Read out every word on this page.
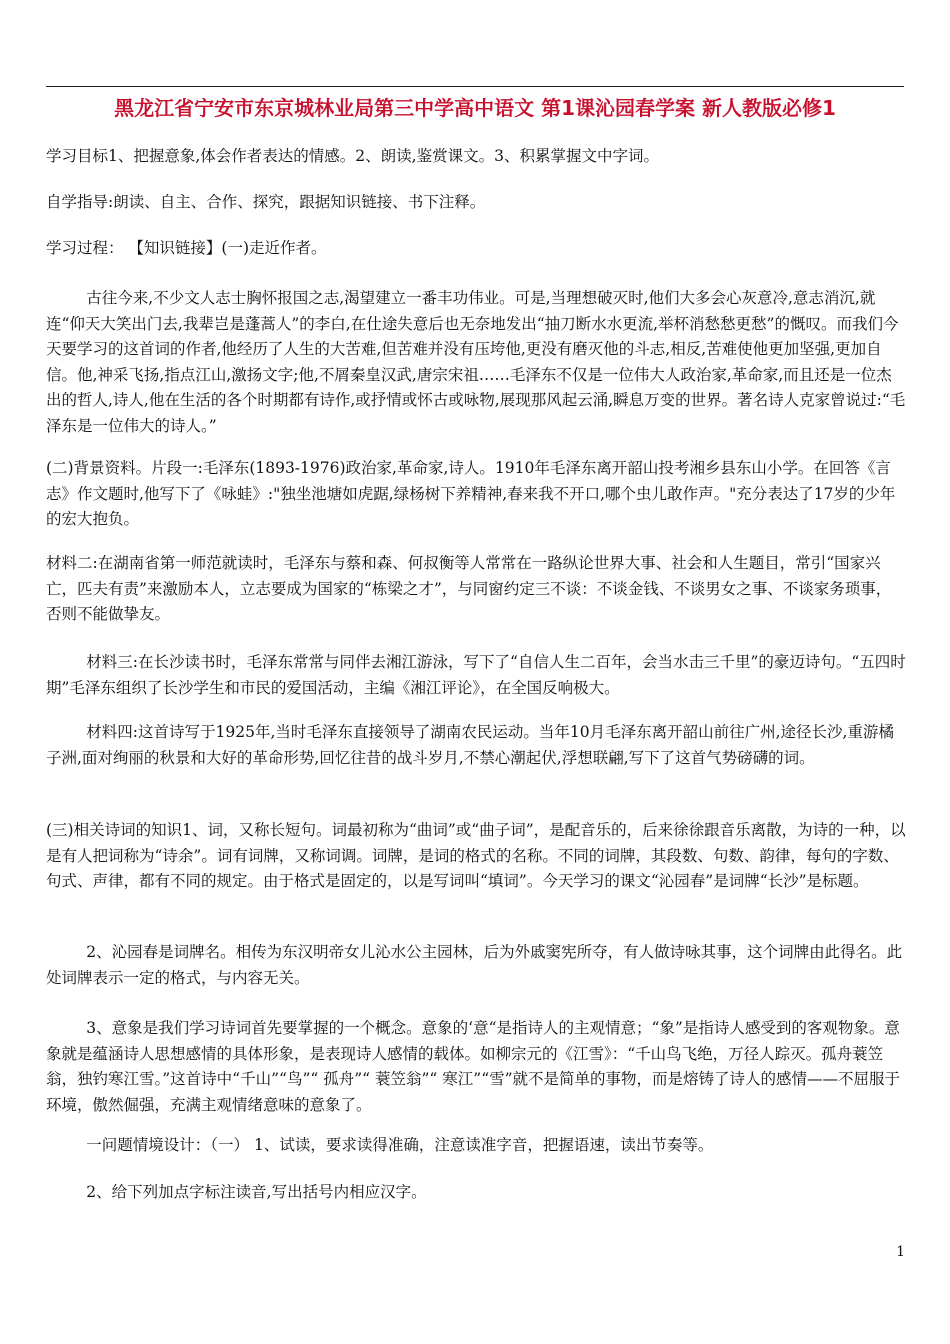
黑龙江省宁安市东京城林业局第三中学高中语文 第1课沁园春学案 新人教版必修1

学习目标1、把握意象,体会作者表达的情感。2、朗读,鉴赏课文。3、积累掌握文中字词。

自学指导:朗读、自主、合作、探究，跟据知识链接、书下注释。

学习过程： 【知识链接】(一)走近作者。

古往今来,不少文人志士胸怀报国之志,渴望建立一番丰功伟业。可是,当理想破灭时,他们大多会心灰意冷,意志消沉,就连“仰天大笑出门去,我辈岂是蓬蒿人”的李白,在仕途失意后也无奈地发出“抽刀断水水更流,举杯消愁愁更愁”的慨叹。而我们今天要学习的这首词的作者,他经历了人生的大苦难,但苦难并没有压垮他,更没有磨灭他的斗志,相反,苦难使他更加坚强,更加自信。他,神采飞扬,指点江山,激扬文字;他,不屑秦皇汉武,唐宗宋祖……毛泽东不仅是一位伟大人政治家,革命家,而且还是一位杰出的哲人,诗人,他在生活的各个时期都有诗作,或抒情或怀古或咏物,展现那风起云涌,瞬息万变的世界。著名诗人克家曾说过:“毛泽东是一位伟大的诗人。”

(二)背景资料。片段一:毛泽东(1893-1976)政治家,革命家,诗人。1910年毛泽东离开韶山投考湘乡县东山小学。在回答《言志》作文题时,他写下了《咏蛙》:"独坐池塘如虎踞,绿杨树下养精神,春来我不开口,哪个虫儿敢作声。"充分表达了17岁的少年的宏大抱负。

材料二:在湖南省第一师范就读时，毛泽东与蔡和森、何叔衡等人常常在一路纵论世界大事、社会和人生题目，常引“国家兴亡，匹夫有责”来激励本人，立志要成为国家的“栋梁之才”，与同窗约定三不谈：不谈金钱、不谈男女之事、不谈家务琐事，否则不能做挚友。

材料三:在长沙读书时，毛泽东常常与同伴去湘江游泳，写下了“自信人生二百年，会当水击三千里”的豪迈诗句。“五四时期”毛泽东组织了长沙学生和市民的爱国活动，主编《湘江评论》，在全国反响极大。

材料四:这首诗写于1925年,当时毛泽东直接领导了湖南农民运动。当年10月毛泽东离开韶山前往广州,途径长沙,重游橘子洲,面对绚丽的秋景和大好的革命形势,回忆往昔的战斗岁月,不禁心潮起伏,浮想联翩,写下了这首气势磅礴的词。

(三)相关诗词的知识1、词，又称长短句。词最初称为“曲词”或“曲子词”，是配音乐的，后来徐徐跟音乐离散，为诗的一种，以是有人把词称为“诗余”。词有词牌，又称词调。词牌，是词的格式的名称。不同的词牌，其段数、句数、韵律，每句的字数、句式、声律，都有不同的规定。由于格式是固定的，以是写词叫“填词”。今天学习的课文“沁园春”是词牌“长沙”是标题。

2、沁园春是词牌名。相传为东汉明帝女儿沁水公主园林，后为外戚窦宪所夺，有人做诗咏其事，这个词牌由此得名。此处词牌表示一定的格式，与内容无关。

3、意象是我们学习诗词首先要掌握的一个概念。意象的‘意“是指诗人的主观情意；“象”是指诗人感受到的客观物象。意象就是蕴涵诗人思想感情的具体形象，是表现诗人感情的载体。如柳宗元的《江雪》：“千山鸟飞绝，万径人踪灭。孤舟蓑笠翁，独钓寒江雪。”这首诗中“千山”“鸟”“ 孤舟”“ 蓑笠翁”“ 寒江”“雪”就不是简单的事物，而是熔铸了诗人的感情——不屈服于环境，傲然倔强，充满主观情绪意味的意象了。

一问题情境设计：（一） 1、试读，要求读得准确，注意读准字音，把握语速，读出节奏等。

2、给下列加点字标注读音,写出括号内相应汉字。

1
